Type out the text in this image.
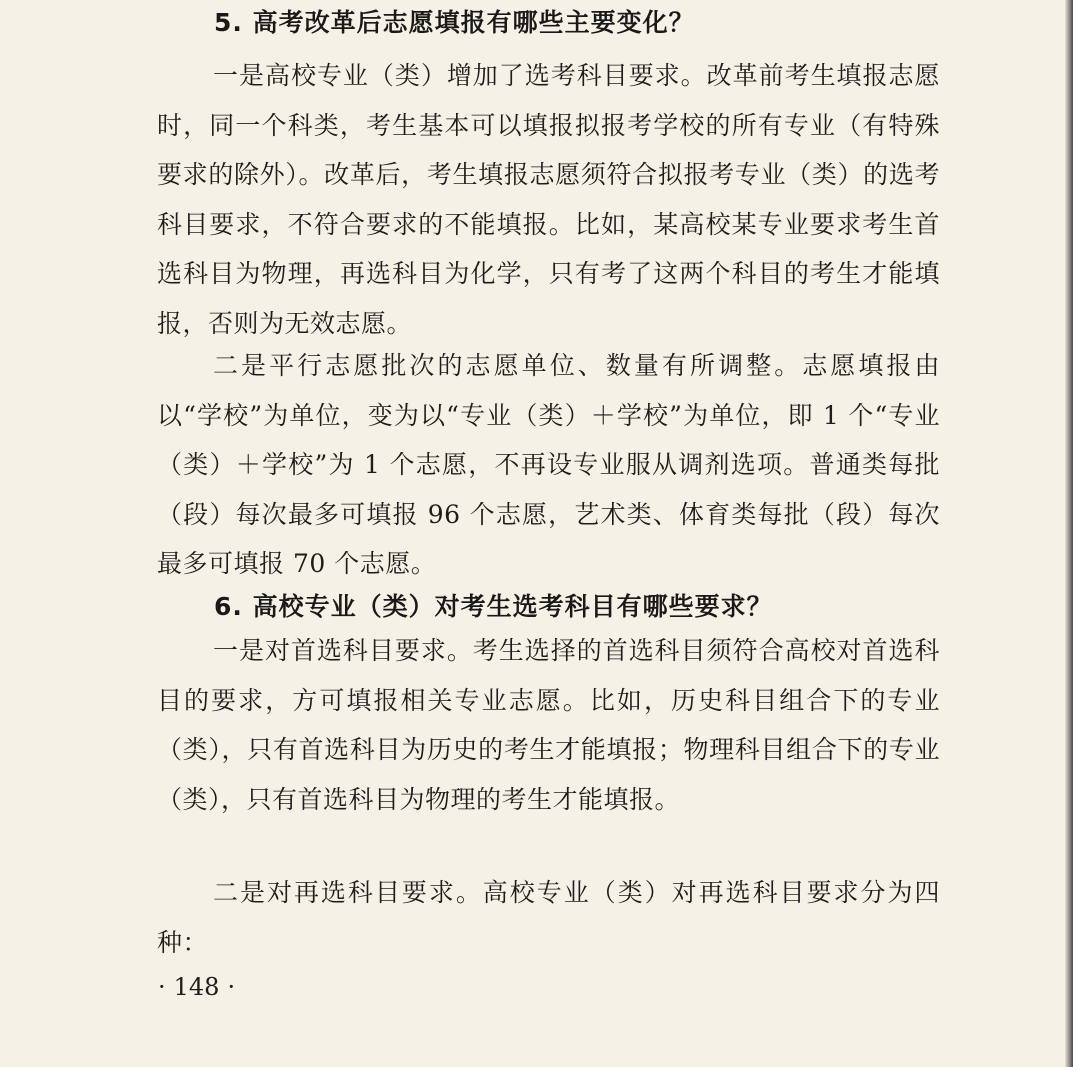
5. 高考改革后志愿填报有哪些主要变化？

一是高校专业（类）增加了选考科目要求。改革前考生填报志愿时，同一个科类，考生基本可以填报拟报考学校的所有专业（有特殊要求的除外）。改革后，考生填报志愿须符合拟报考专业（类）的选考科目要求，不符合要求的不能填报。比如，某高校某专业要求考生首选科目为物理，再选科目为化学，只有考了这两个科目的考生才能填报，否则为无效志愿。

二是平行志愿批次的志愿单位、数量有所调整。志愿填报由以“学校”为单位，变为以“专业（类）＋学校”为单位，即 1 个“专业（类）＋学校”为 1 个志愿，不再设专业服从调剂选项。普通类每批（段）每次最多可填报 96 个志愿，艺术类、体育类每批（段）每次最多可填报 70 个志愿。

6. 高校专业（类）对考生选考科目有哪些要求？

一是对首选科目要求。考生选择的首选科目须符合高校对首选科目的要求，方可填报相关专业志愿。比如，历史科目组合下的专业（类），只有首选科目为历史的考生才能填报；物理科目组合下的专业（类），只有首选科目为物理的考生才能填报。

二是对再选科目要求。高校专业（类）对再选科目要求分为四种：

· 148 ·
